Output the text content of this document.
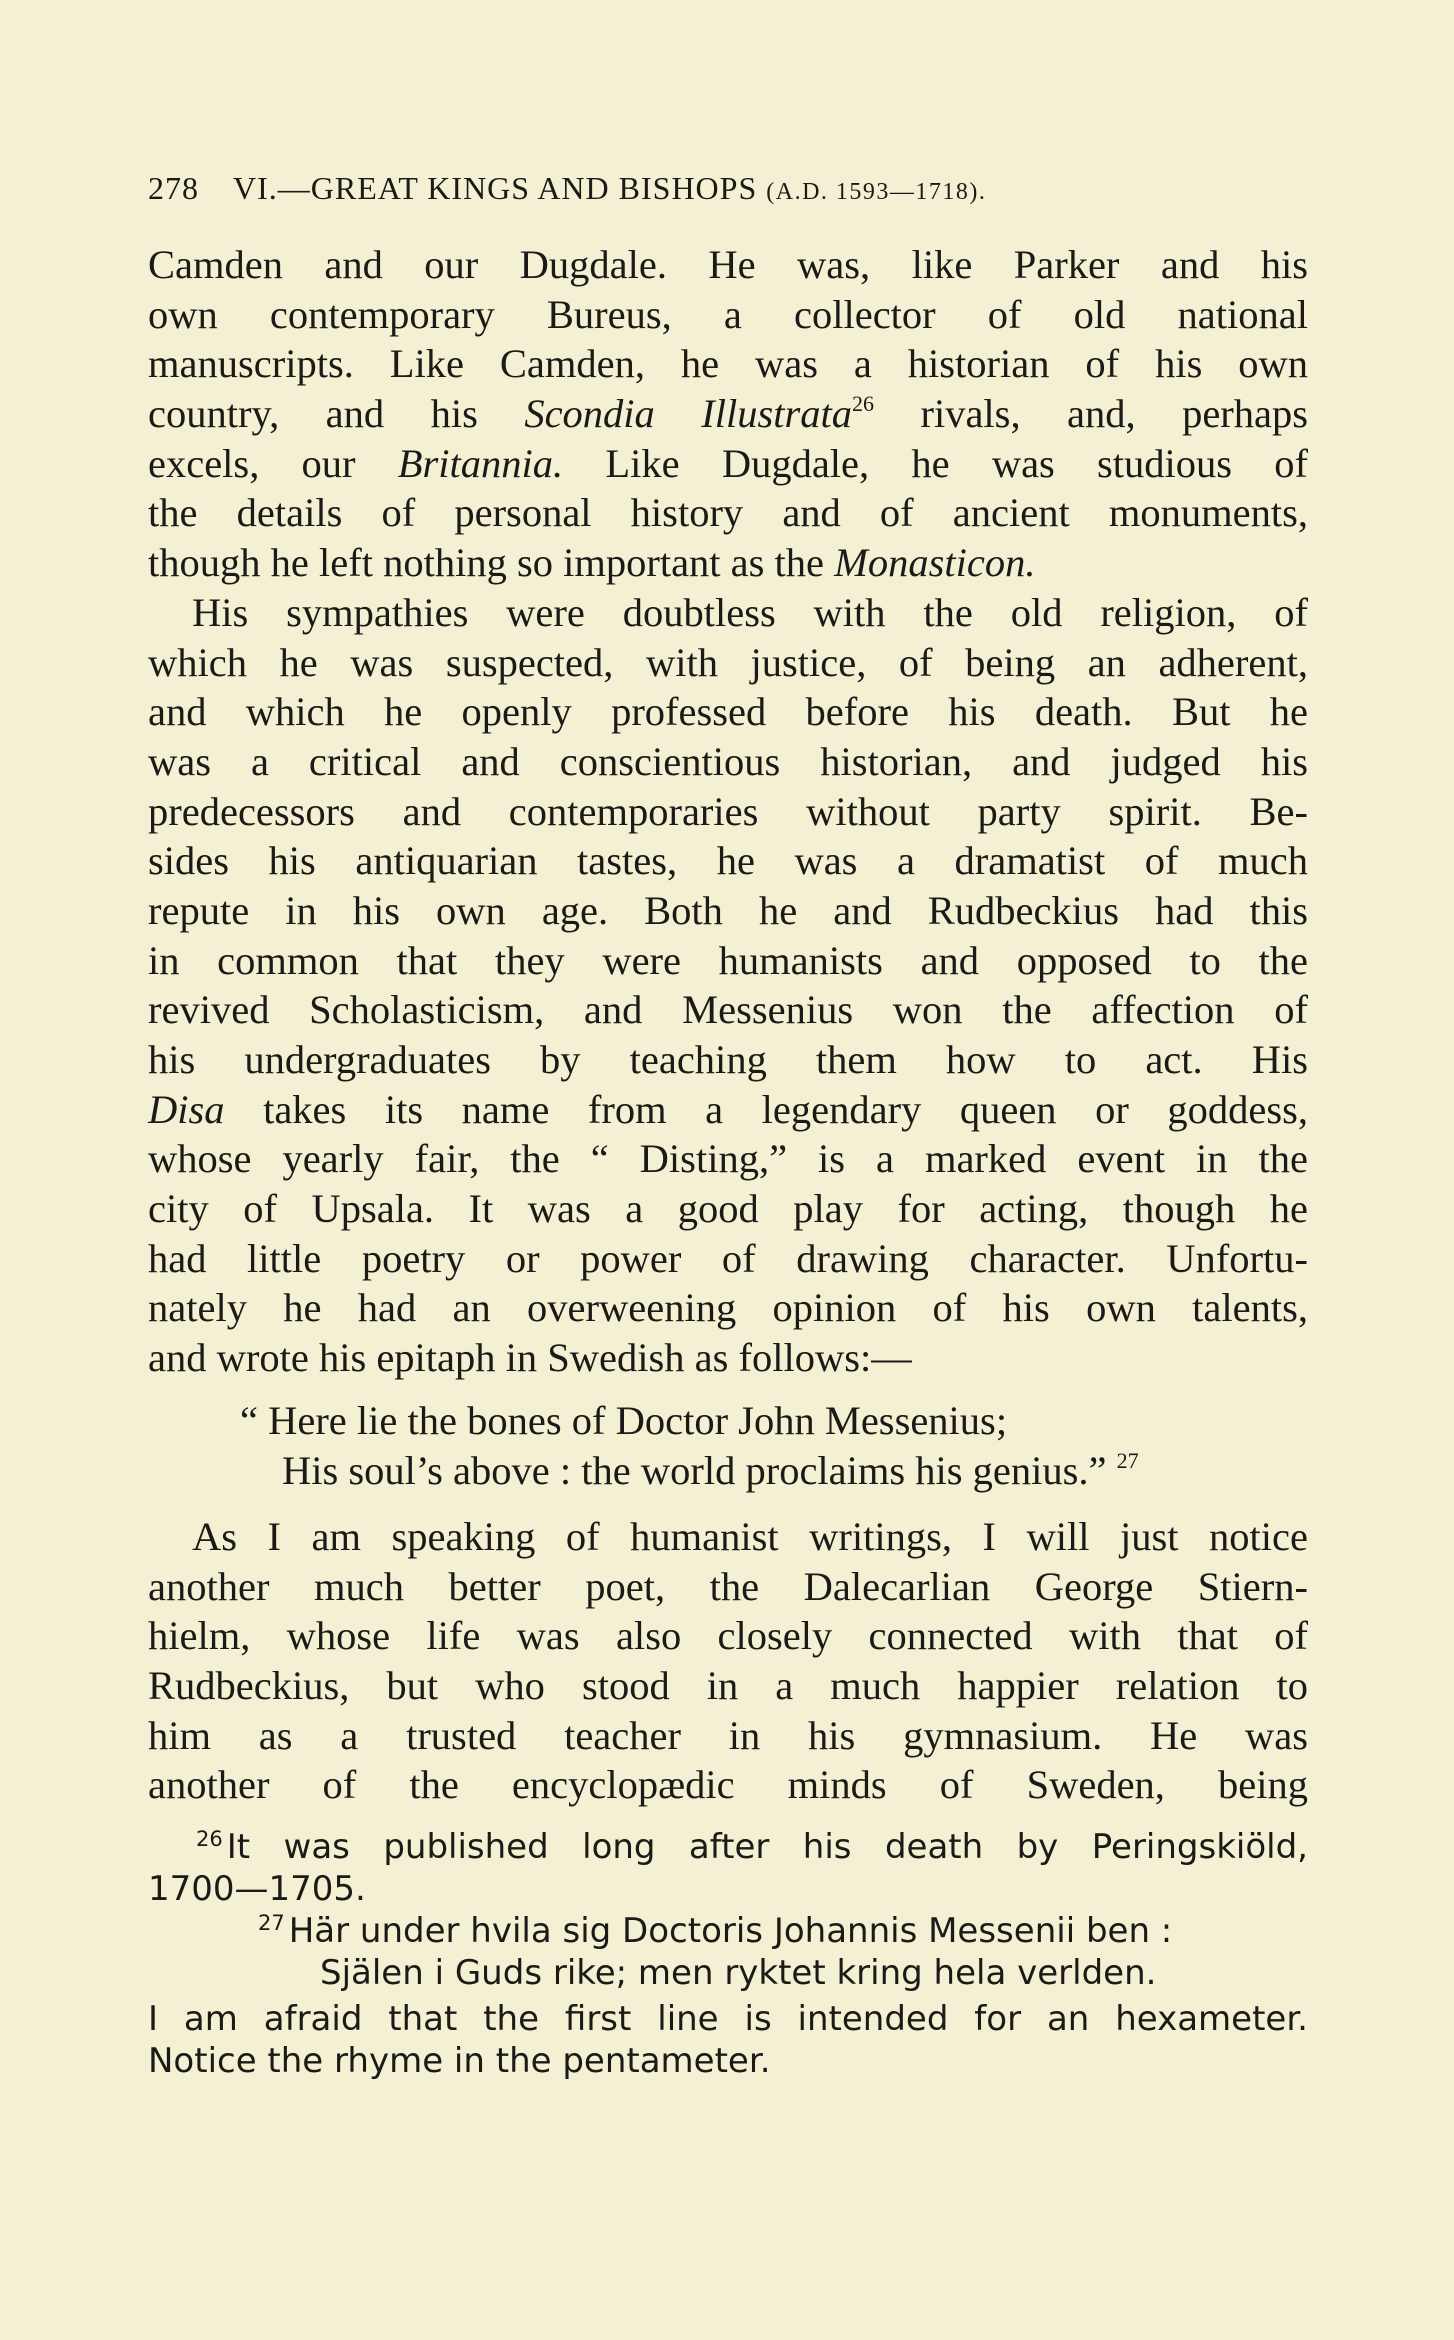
278 VI.—GREAT KINGS AND BISHOPS (A.D. 1593—1718).
Camden and our Dugdale. He was, like Parker and his
own contemporary Bureus, a collector of old national
manuscripts. Like Camden, he was a historian of his own
country, and his Scondia Illustrata$^{26}$ rivals, and, perhaps
excels, our Britannia. Like Dugdale, he was studious of
the details of personal history and of ancient monuments,
though he left nothing so important as the Monasticon.
His sympathies were doubtless with the old religion, of
which he was suspected, with justice, of being an adherent,
and which he openly professed before his death. But he
was a critical and conscientious historian, and judged his
predecessors and contemporaries without party spirit. Be-
sides his antiquarian tastes, he was a dramatist of much
repute in his own age. Both he and Rudbeckius had this
in common that they were humanists and opposed to the
revived Scholasticism, and Messenius won the affection of
his undergraduates by teaching them how to act. His
Disa takes its name from a legendary queen or goddess,
whose yearly fair, the “ Disting,” is a marked event in the
city of Upsala. It was a good play for acting, though he
had little poetry or power of drawing character. Unfortu-
nately he had an overweening opinion of his own talents,
and wrote his epitaph in Swedish as follows:—
“ Here lie the bones of Doctor John Messenius;
His soul’s above : the world proclaims his genius.” $^{27}$
As I am speaking of humanist writings, I will just notice
another much better poet, the Dalecarlian George Stiern-
hielm, whose life was also closely connected with that of
Rudbeckius, but who stood in a much happier relation to
him as a trusted teacher in his gymnasium. He was
another of the encyclopædic minds of Sweden, being
$^{26}$ It was published long after his death by Peringskiöld,
1700—1705.
$^{27}$ Här under hvila sig Doctoris Johannis Messenii ben :
Själen i Guds rike; men ryktet kring hela verlden.
I am afraid that the first line is intended for an hexameter.
Notice the rhyme in the pentameter.
